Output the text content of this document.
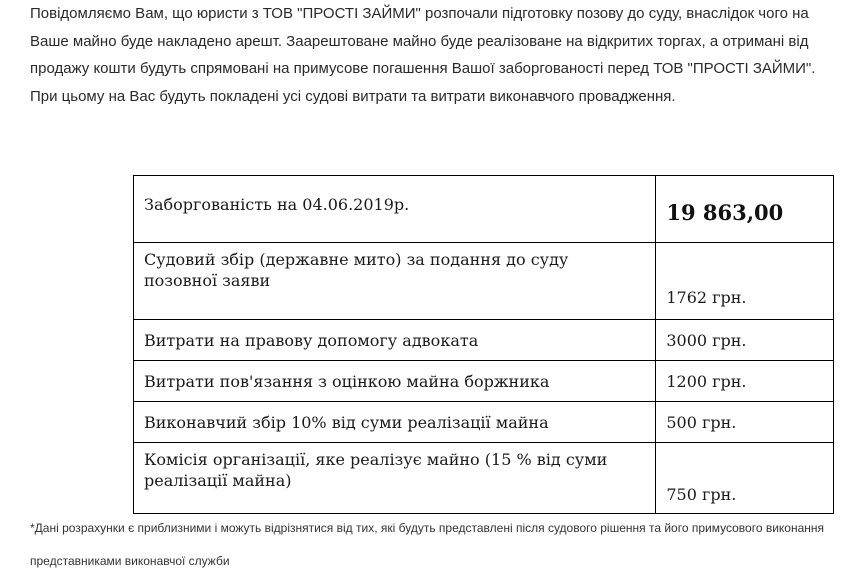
Повідомляємо Вам, що юристи з ТОВ "ПРОСТІ ЗАЙМИ" розпочали підготовку позову до суду, внаслідок чого на Ваше майно буде накладено арешт. Заарештоване майно буде реалізоване на відкритих торгах, а отримані від продажу кошти будуть спрямовані на примусове погашення Вашої заборгованості перед ТОВ "ПРОСТІ ЗАЙМИ". При цьому на Вас будуть покладені усі судові витрати та витрати виконавчого провадження.

Заборгованість на 04.06.2019р.	19 863,00
Судовий збір (державне мито) за подання до суду позовної заяви	1762 грн.
Витрати на правову допомогу адвоката	3000 грн.
Витрати пов'язання з оцінкою майна боржника	1200 грн.
Виконавчий збір 10% від суми реалізації майна	500 грн.
Комісія організації, яке реалізує майно (15 % від суми реалізації майна)	750 грн.

*Дані розрахунки є приблизними і можуть відрізнятися від тих, які будуть представлені після судового рішення та його примусового виконання представниками виконавчої служби
